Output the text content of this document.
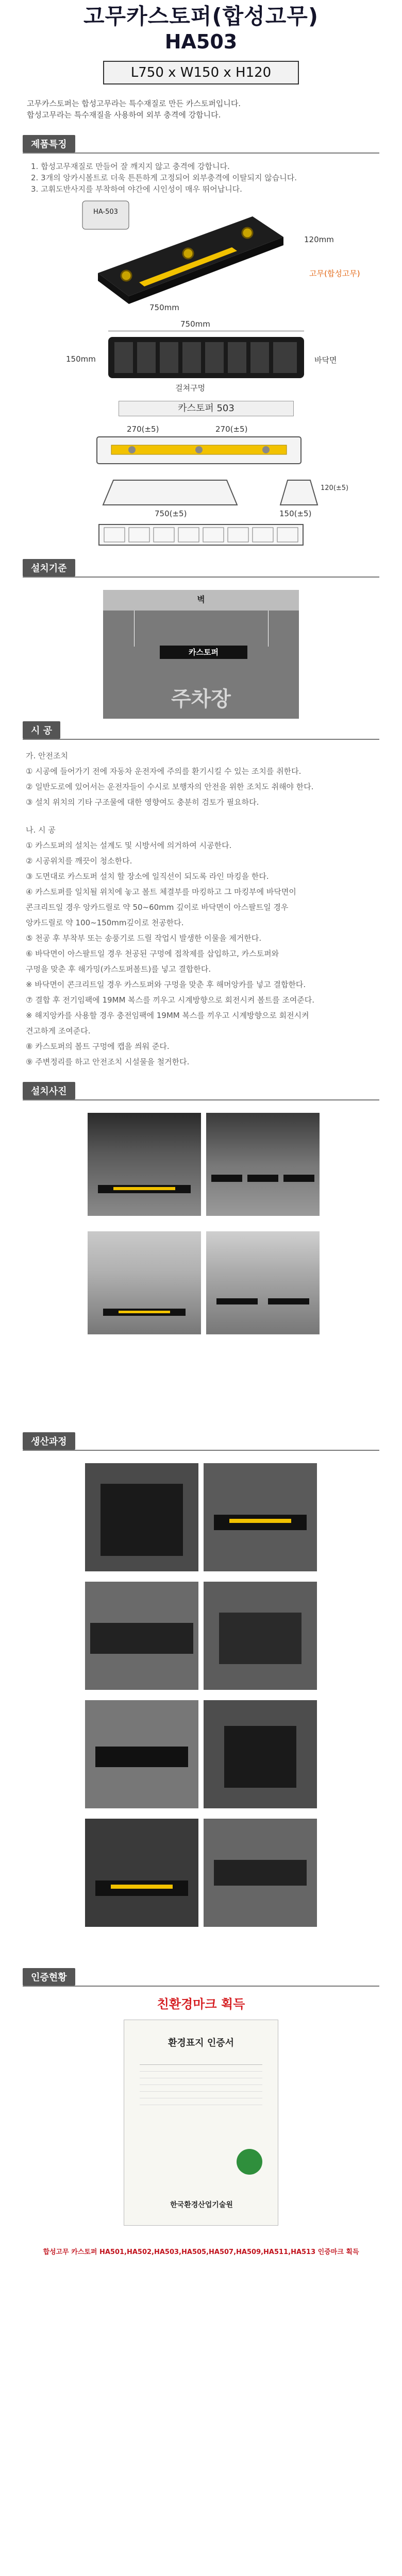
고무카스토퍼(합성고무)
HA503
L750 x W150 x H120
고무카스토퍼는 합성고무라는 특수재질로 만든 카스토퍼입니다.
합성고무라는 특수재질을 사용하여 외부 충격에 강합니다.
제품특징
1. 합성고무재질로 만들어 잘 깨지지 않고 충격에 강합니다.
2. 3개의 앙카시볼트로 더욱 튼튼하게 고정되어 외부충격에 이탈되지 않습니다.
3. 고휘도반사지를 부착하여 야간에 시인성이 매우 뛰어납니다.
HA-503
120mm
고무(합성고무)
750mm
750mm
150mm	바닥면
걸쳐구멍
카스토퍼 503
270(±5)	270(±5)
120(±5)
750(±5)	150(±5)
설치기준
벽
카스토퍼
주차장
시 공
가. 안전조치
① 시공에 들어가기 전에 자동차 운전자에 주의를 환기시킬 수 있는 조치를 취한다.
② 일반도로에 있어서는 운전자들이 수시로 보행자의 안전을 위한 조치도 취해야 한다.
③ 설치 위치의 기타 구조물에 대한 영향여도 충분히 검토가 필요하다.
나. 시 공
① 카스토퍼의 설치는 설계도 및 시방서에 의거하여 시공한다.
② 시공위치를 깨끗이 청소한다.
③ 도면대로 카스토퍼 설치 할 장소에 일직선이 되도록 라인 마킹을 한다.
④ 카스토퍼를 일치될 위치에 놓고 볼트 체결부를 마킹하고 그 마킹부에 바닥면이
콘크리트일 경우 앙카드릴로 약 50~60mm 깊이로 바닥면이 아스팔트일 경우
앙카드릴로 약 100~150mm깊이로 천공한다.
⑤ 천공 후 부착부 또는 송풍기로 드릴 작업시 발생한 이물을 제거한다.
⑥ 바닥면이 아스팔트일 경우 천공된 구멍에 접착제를 삽입하고, 카스토퍼와
구멍을 맞춘 후 해가밍(카스토퍼볼트)를 넣고 결합한다.
※ 바닥면이 콘크리트일 경우 카스토퍼와 구멍을 맞춘 후 해머앙카를 넣고 결합한다.
⑦ 결합 후 전기임팩에 19MM 복스를 끼우고 시계방향으로 회전시켜 볼트를 조여준다.
※ 해지앙카를 사용할 경우 충전임팩에 19MM 복스를 끼우고 시계방향으로 회전시켜
견고하게 조여준다.
⑧ 카스토퍼의 볼트 구멍에 캡을 씌워 준다.
⑨ 주변정리를 하고 안전조치 시설물을 철거한다.
설치사진
생산과정
인증현황
친환경마크 획득
환경표지 인증서
한국환경산업기술원
합성고무 카스토퍼 HA501,HA502,HA503,HA505,HA507,HA509,HA511,HA513 인증마크 획득
